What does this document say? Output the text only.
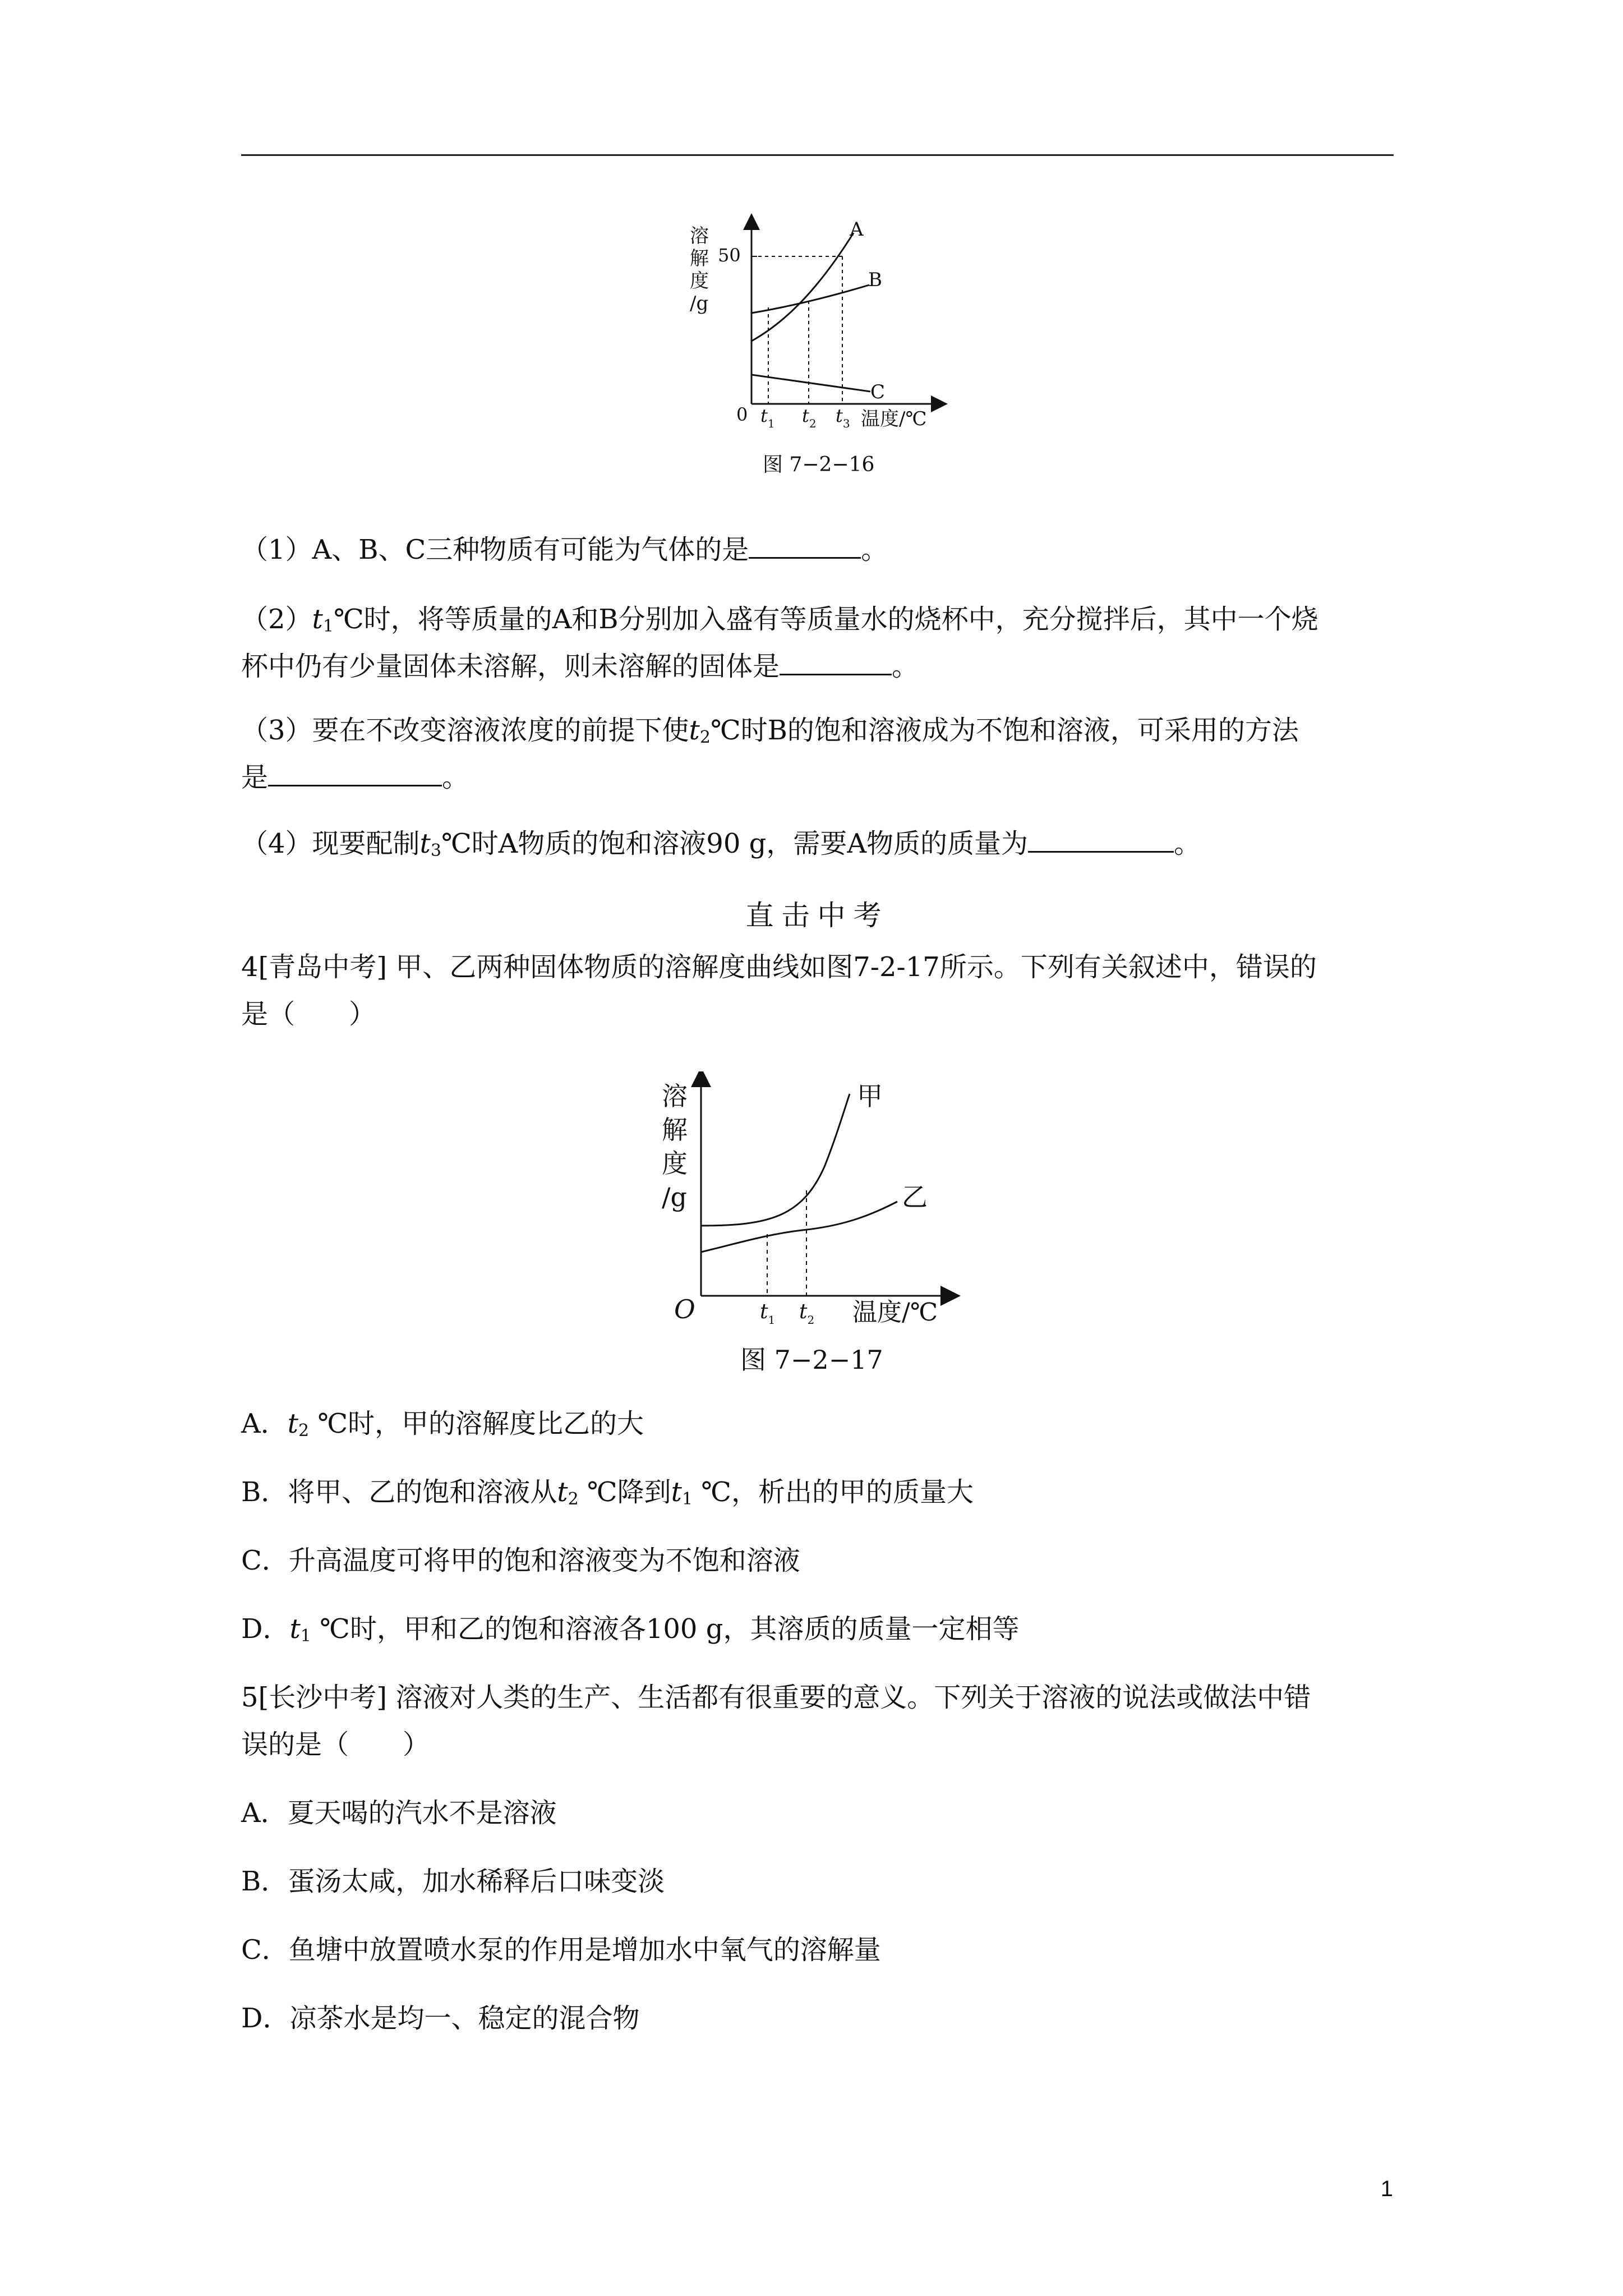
溶
解
度
/g
50
A
B
C
0 $t_1$ $t_2$ $t_3$ 温度/℃
图 7−2−16
（1）A、B、C三种物质有可能为气体的是	。
$(2)t_1℃$时，将等质量的A和B分别加入盛有等质量水的烧杯中，充分搅拌后，其中一个烧
杯中仍有少量固体未溶解，则未溶解的固体是	。
（3）要在不改变溶液浓度的前提下使$t_2℃$时B的饱和溶液成为不饱和溶液，可采用的方法
是	。
（4）现要配制$t_3℃$时A物质的饱和溶液90 g，需要A物质的质量为	。
直击中考
4[青岛中考] 甲、乙两种固体物质的溶解度曲线如图7-2-17所示。下列有关叙述中，错误的
是（　　）
溶
解
度
/g
甲
乙
O	$t_1$ $t_2$ 温度/℃
图 7−2−17
A．$t_2$ ℃时，甲的溶解度比乙的大
B．将甲、乙的饱和溶液从$t_2$ ℃降到$t_1$ ℃，析出的甲的质量大
C．升高温度可将甲的饱和溶液变为不饱和溶液
D．$t_1$ ℃时，甲和乙的饱和溶液各100 g，其溶质的质量一定相等
5[长沙中考] 溶液对人类的生产、生活都有很重要的意义。下列关于溶液的说法或做法中错
误的是（　　）
A．夏天喝的汽水不是溶液
B．蛋汤太咸，加水稀释后口味变淡
C．鱼塘中放置喷水泵的作用是增加水中氧气的溶解量
D．凉茶水是均一、稳定的混合物
1
